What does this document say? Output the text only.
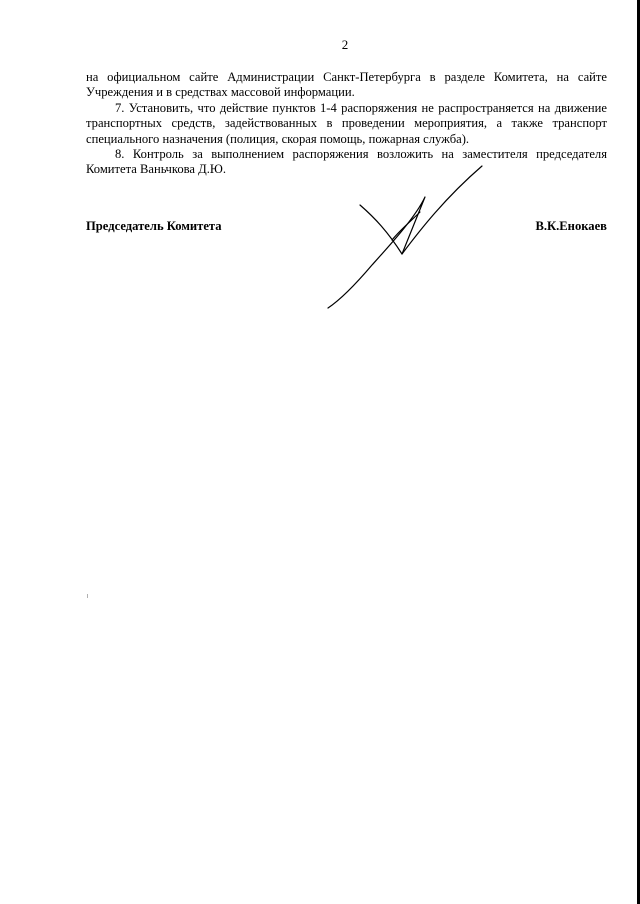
2

на официальном сайте Администрации Санкт-Петербурга в разделе Комитета, на сайте Учреждения и в средствах массовой информации.

7. Установить, что действие пунктов 1-4 распоряжения не распространяется на движение транспортных средств, задействованных в проведении мероприятия, а также транспорт специального назначения (полиция, скорая помощь, пожарная служба).

8. Контроль за выполнением распоряжения возложить на заместителя председателя Комитета Ваньчкова Д.Ю.

Председатель Комитета	В.К.Енокаев
